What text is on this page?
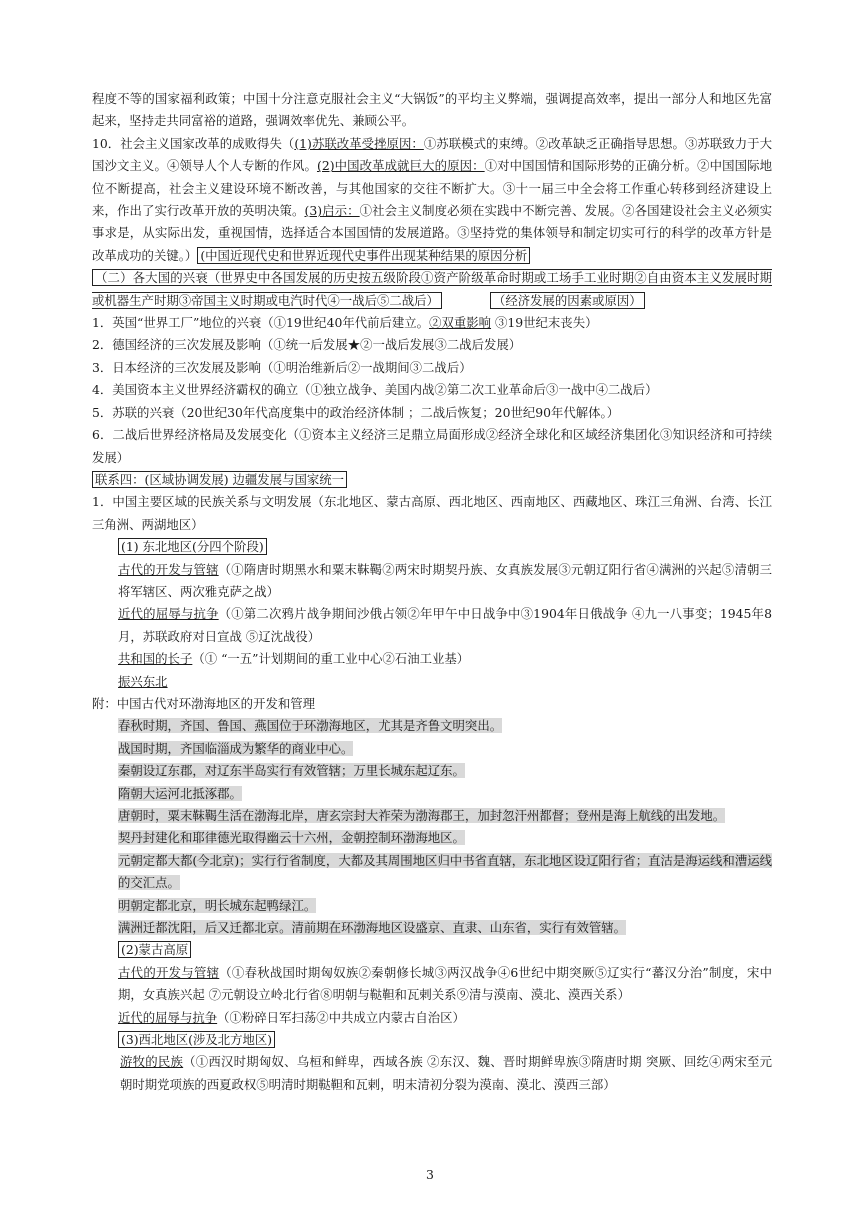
程度不等的国家福利政策；中国十分注意克服社会主义“大锅饭”的平均主义弊端，强调提高效率，提出一部分人和地区先富起来，坚持走共同富裕的道路，强调效率优先、兼顾公平。

10．社会主义国家改革的成败得失（(1)苏联改革受挫原因：①苏联模式的束缚。②改革缺乏正确指导思想。③苏联致力于大国沙文主义。④领导人个人专断的作风。(2)中国改革成就巨大的原因：①对中国国情和国际形势的正确分析。②中国国际地位不断提高，社会主义建设环境不断改善，与其他国家的交往不断扩大。③十一届三中全会将工作重心转移到经济建设上来，作出了实行改革开放的英明决策。(3)启示：①社会主义制度必须在实践中不断完善、发展。②各国建设社会主义必须实事求是，从实际出发，重视国情，选择适合本国国情的发展道路。③坚持党的集体领导和制定切实可行的科学的改革方针是改革成功的关键。） (中国近现代史和世界近现代史事件出现某种结果的原因分析

（二）各大国的兴衰（世界史中各国发展的历史按五级阶段①资产阶级革命时期或工场手工业时期②自由资本主义发展时期或机器生产时期③帝国主义时期或电汽时代④一战后⑤二战后）	（经济发展的因素或原因）

1．英国“世界工厂”地位的兴衰（①19世纪40年代前后建立。②双重影响 ③19世纪末丧失）

2．德国经济的三次发展及影响（①统一后发展★②一战后发展③二战后发展）

3．日本经济的三次发展及影响（①明治维新后②一战期间③二战后）

4．美国资本主义世界经济霸权的确立（①独立战争、美国内战②第二次工业革命后③一战中④二战后）

5．苏联的兴衰（20世纪30年代高度集中的政治经济体制 ；二战后恢复；20世纪90年代解体。）

6．二战后世界经济格局及发展变化（①资本主义经济三足鼎立局面形成②经济全球化和区域经济集团化③知识经济和可持续发展）

联系四：(区域协调发展) 边疆发展与国家统一

1．中国主要区域的民族关系与文明发展（东北地区、蒙古高原、西北地区、西南地区、西藏地区、珠江三角洲、台湾、长江三角洲、两湖地区）

(1) 东北地区(分四个阶段)

古代的开发与管辖（①隋唐时期黑水和粟末靺鞨②两宋时期契丹族、女真族发展③元朝辽阳行省④满洲的兴起⑤清朝三将军辖区、两次雅克萨之战）

近代的屈辱与抗争（①第二次鸦片战争期间沙俄占领②年甲午中日战争中③1904年日俄战争 ④九一八事变；1945年8月，苏联政府对日宣战 ⑤辽沈战役）

共和国的长子（① “一五”计划期间的重工业中心②石油工业基）

振兴东北

附：中国古代对环渤海地区的开发和管理

春秋时期，齐国、鲁国、燕国位于环渤海地区，尤其是齐鲁文明突出。

战国时期，齐国临淄成为繁华的商业中心。

秦朝设辽东郡，对辽东半岛实行有效管辖；万里长城东起辽东。

隋朝大运河北抵涿郡。

唐朝时，粟末靺鞨生活在渤海北岸，唐玄宗封大祚荣为渤海郡王，加封忽汗州都督；登州是海上航线的出发地。

契丹封建化和耶律德光取得幽云十六州，金朝控制环渤海地区。

元朝定都大都(今北京)；实行行省制度，大都及其周围地区归中书省直辖，东北地区设辽阳行省；直沽是海运线和漕运线的交汇点。

明朝定都北京，明长城东起鸭绿江。

满洲迁都沈阳，后又迁都北京。清前期在环渤海地区设盛京、直隶、山东省，实行有效管辖。

(2)蒙古高原

古代的开发与管辖（①春秋战国时期匈奴族②秦朝修长城③两汉战争④6世纪中期突厥⑤辽实行“蕃汉分治”制度，宋中期，女真族兴起 ⑦元朝设立岭北行省⑧明朝与鞑靼和瓦剌关系⑨清与漠南、漠北、漠西关系）

近代的屈辱与抗争（①粉碎日军扫荡②中共成立内蒙古自治区）

(3)西北地区(涉及北方地区)

游牧的民族（①西汉时期匈奴、乌桓和鲜卑，西域各族 ②东汉、魏、晋时期鲜卑族③隋唐时期 突厥、回纥④两宋至元朝时期党项族的西夏政权⑤明清时期鞑靼和瓦剌，明末清初分裂为漠南、漠北、漠西三部）

3
